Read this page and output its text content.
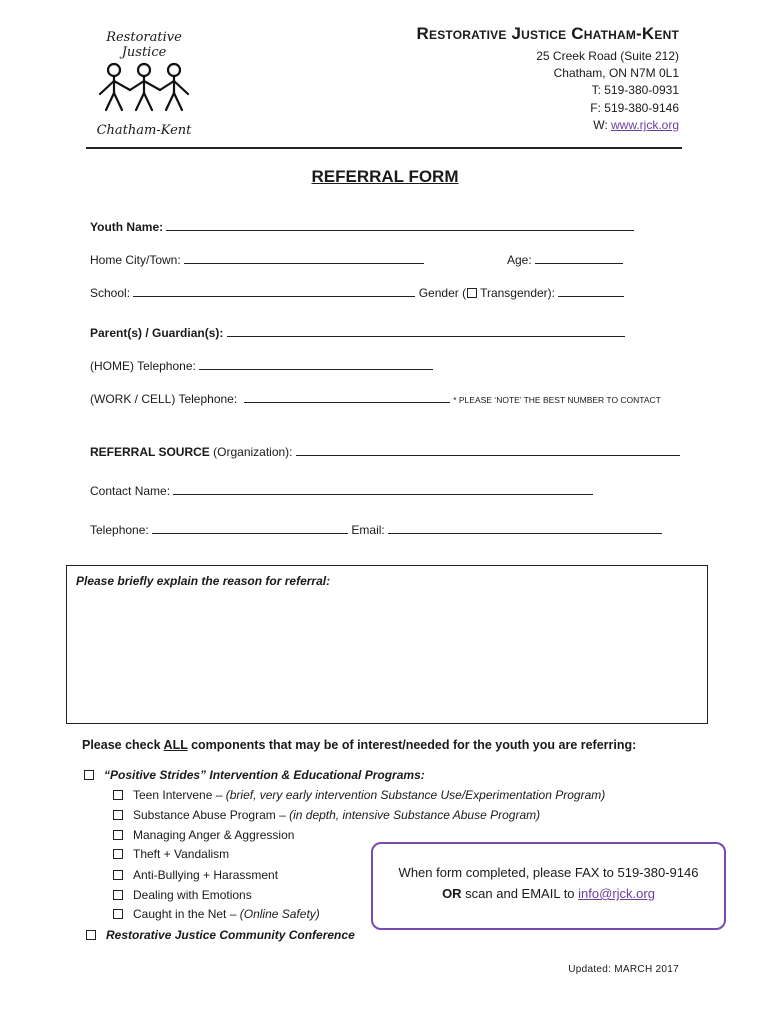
Restorative
Justice
Chatham-Kent
Restorative Justice Chatham-Kent
25 Creek Road (Suite 212)
Chatham, ON N7M 0L1
T: 519-380-0931
F: 519-380-9146
W: www.rjck.org
REFERRAL FORM
Youth Name:
Home City/Town:	Age:
School:	Gender ( Transgender):
Parent(s) / Guardian(s):
(HOME) Telephone:
(WORK / CELL) Telephone:	* PLEASE ‘NOTE’ THE BEST NUMBER TO CONTACT
REFERRAL SOURCE (Organization):
Contact Name:
Telephone:	Email:
Please briefly explain the reason for referral:
Please check ALL components that may be of interest/needed for the youth you are referring:
“Positive Strides” Intervention & Educational Programs:
Teen Intervene – (brief, very early intervention Substance Use/Experimentation Program)
Substance Abuse Program – (in depth, intensive Substance Abuse Program)
Managing Anger & Aggression
Theft + Vandalism
Anti-Bullying + Harassment
Dealing with Emotions
Caught in the Net – (Online Safety)
Restorative Justice Community Conference
When form completed, please FAX to 519-380-9146
OR scan and EMAIL to info@rjck.org
Updated: MARCH 2017
